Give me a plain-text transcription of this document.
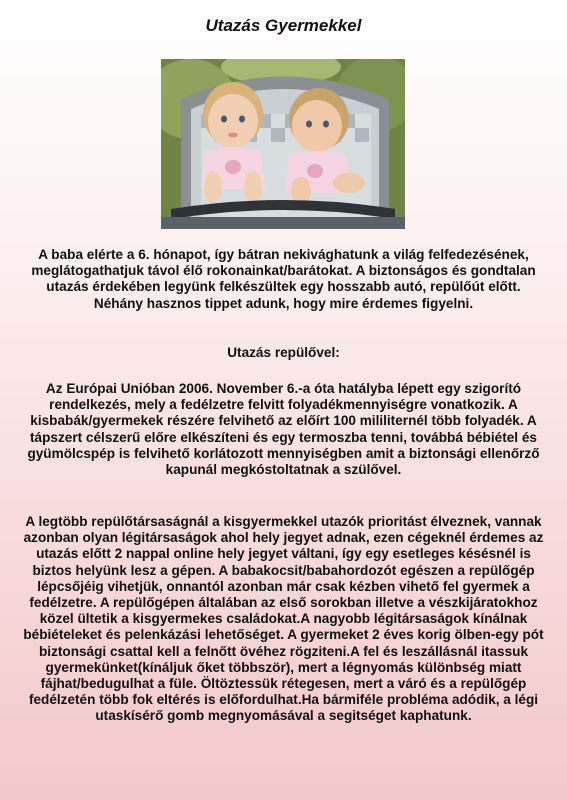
Utazás Gyermekkel

A baba elérte a 6. hónapot, így bátran nekivághatunk a világ felfedezésének, meglátogathatjuk távol élő rokonainkat/barátokat. A biztonságos és gondtalan utazás érdekében legyünk felkészültek egy hosszabb autó, repülőút előtt. Néhány hasznos tippet adunk, hogy mire érdemes figyelni.

Utazás repülővel:

Az Európai Unióban 2006. November 6.-a óta hatályba lépett egy szigorító rendelkezés, mely a fedélzetre felvitt folyadékmennyiségre vonatkozik. A kisbabák/gyermekek részére felvihető az előírt 100 mililiternél több folyadék. A tápszert célszerű előre elkészíteni és egy termoszba tenni, továbbá bébiétel és gyümölcspép is felvihető korlátozott mennyiségben amit a biztonsági ellenőrző kapunál megkóstoltatnak a szülővel.

A legtöbb repülőtársaságnál a kisgyermekkel utazók prioritást élveznek, vannak azonban olyan légitársaságok ahol hely jegyet adnak, ezen cégeknél érdemes az utazás előtt 2 nappal online hely jegyet váltani, így egy esetleges késésnél is biztos helyünk lesz a gépen. A babakocsit/babahordozót egészen a repülőgép lépcsőjéig vihetjük, onnantól azonban már csak kézben vihető fel gyermek a fedélzetre. A repülőgépen általában az első sorokban illetve a vészkijáratokhoz közel ültetik a kisgyermekes családokat.A nagyobb légitársaságok kínálnak bébiételeket és pelenkázási lehetőséget. A gyermeket 2 éves korig ölben-egy pót biztonsági csattal kell a felnőtt övéhez rögziteni.A fel és leszállásnál itassuk gyermekünket(kínáljuk őket többször), mert a légnyomás különbség miatt fájhat/bedugulhat a füle. Öltöztessük rétegesen, mert a váró és a repülőgép fedélzetén több fok eltérés is előfordulhat.Ha bármiféle probléma adódik, a légi utaskísérő gomb megnyomásával a segitséget kaphatunk.
